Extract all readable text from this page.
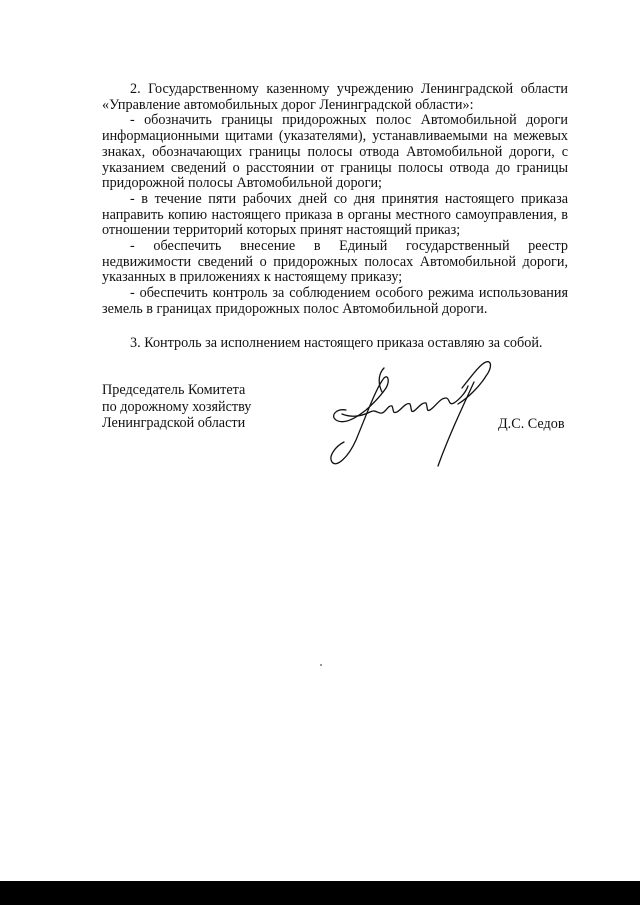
2. Государственному казенному учреждению Ленинградской области «Управление автомобильных дорог Ленинградской области»:

- обозначить границы придорожных полос Автомобильной дороги информационными щитами (указателями), устанавливаемыми на межевых знаках, обозначающих границы полосы отвода Автомобильной дороги, с указанием сведений о расстоянии от границы полосы отвода до границы придорожной полосы Автомобильной дороги;

- в течение пяти рабочих дней со дня принятия настоящего приказа направить копию настоящего приказа в органы местного самоуправления, в отношении территорий которых принят настоящий приказ;

- обеспечить внесение в Единый государственный реестр недвижимости сведений о придорожных полосах Автомобильной дороги, указанных в приложениях к настоящему приказу;

- обеспечить контроль за соблюдением особого режима использования земель в границах придорожных полос Автомобильной дороги.

3. Контроль за исполнением настоящего приказа оставляю за собой.

Председатель Комитета
по дорожному хозяйству
Ленинградской области	Д.С. Седов
